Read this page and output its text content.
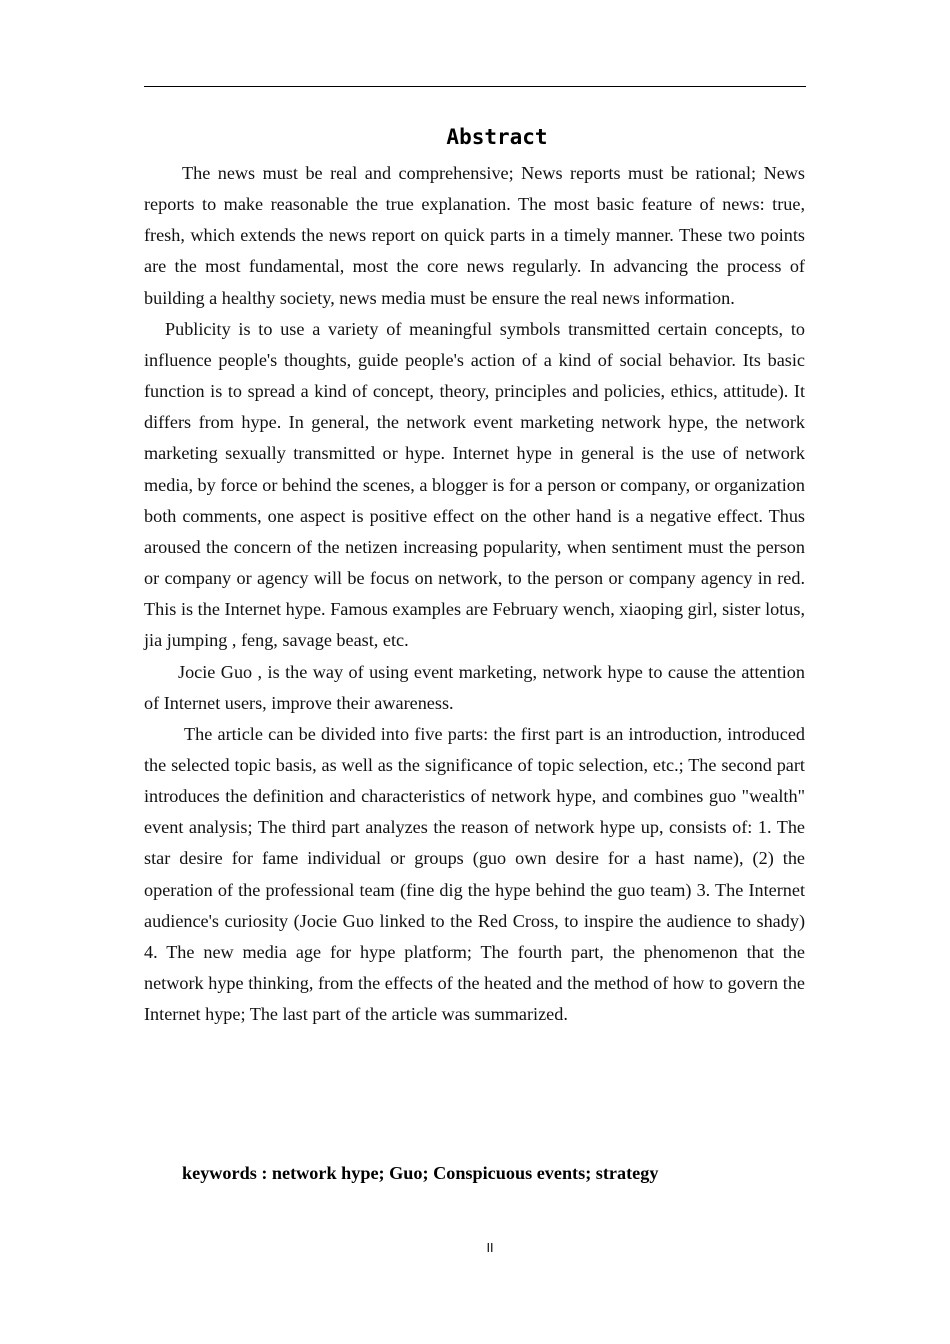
Abstract

The news must be real and comprehensive; News reports must be rational; News reports to make reasonable the true explanation. The most basic feature of news: true, fresh, which extends the news report on quick parts in a timely manner. These two points are the most fundamental, most the core news regularly. In advancing the process of building a healthy society, news media must be ensure the real news information.

Publicity is to use a variety of meaningful symbols transmitted certain concepts, to influence people's thoughts, guide people's action of a kind of social behavior. Its basic function is to spread a kind of concept, theory, principles and policies, ethics, attitude). It differs from hype. In general, the network event marketing network hype, the network marketing sexually transmitted or hype. Internet hype in general is the use of network media, by force or behind the scenes, a blogger is for a person or company, or organization both comments, one aspect is positive effect on the other hand is a negative effect. Thus aroused the concern of the netizen increasing popularity, when sentiment must the person or company or agency will be focus on network, to the person or company agency in red. This is the Internet hype. Famous examples are February wench, xiaoping girl, sister lotus, jia jumping , feng, savage beast, etc.

Jocie Guo , is the way of using event marketing, network hype to cause the attention of Internet users, improve their awareness.

The article can be divided into five parts: the first part is an introduction, introduced the selected topic basis, as well as the significance of topic selection, etc.; The second part introduces the definition and characteristics of network hype, and combines guo "wealth" event analysis; The third part analyzes the reason of network hype up, consists of: 1. The star desire for fame individual or groups (guo own desire for a hast name), (2) the operation of the professional team (fine dig the hype behind the guo team) 3. The Internet audience's curiosity (Jocie Guo linked to the Red Cross, to inspire the audience to shady) 4. The new media age for hype platform; The fourth part, the phenomenon that the network hype thinking, from the effects of the heated and the method of how to govern the Internet hype; The last part of the article was summarized.

keywords : network hype; Guo; Conspicuous events; strategy

II
